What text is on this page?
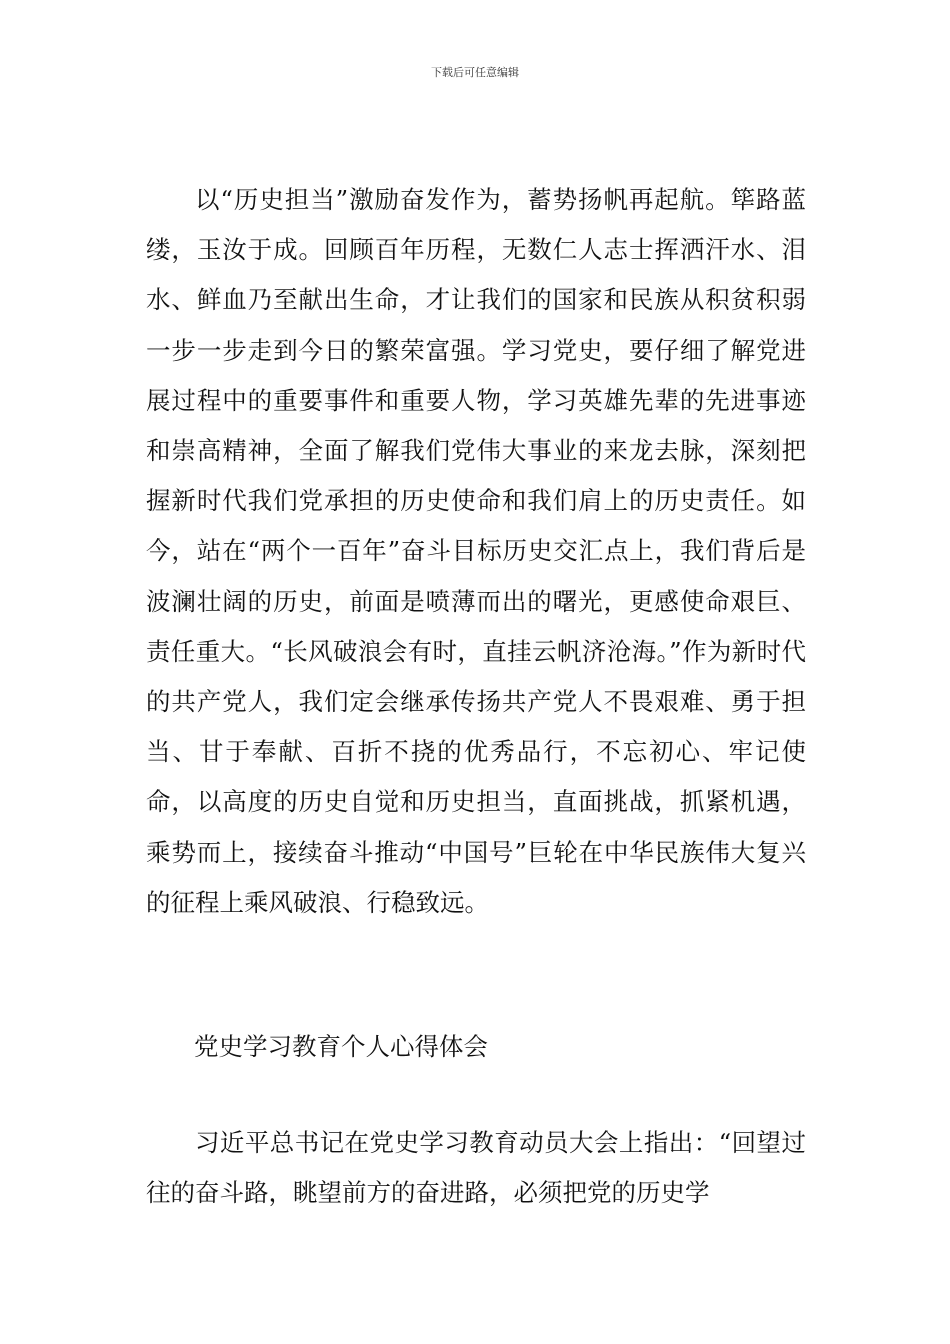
下载后可任意编辑

以“历史担当”激励奋发作为，蓄势扬帆再起航。筚路蓝缕，玉汝于成。回顾百年历程，无数仁人志士挥洒汗水、泪水、鲜血乃至献出生命，才让我们的国家和民族从积贫积弱一步一步走到今日的繁荣富强。学习党史，要仔细了解党进展过程中的重要事件和重要人物，学习英雄先辈的先进事迹和崇高精神，全面了解我们党伟大事业的来龙去脉，深刻把握新时代我们党承担的历史使命和我们肩上的历史责任。如今，站在“两个一百年”奋斗目标历史交汇点上，我们背后是波澜壮阔的历史，前面是喷薄而出的曙光，更感使命艰巨、责任重大。“长风破浪会有时，直挂云帆济沧海。”作为新时代的共产党人，我们定会继承传扬共产党人不畏艰难、勇于担当、甘于奉献、百折不挠的优秀品行，不忘初心、牢记使命，以高度的历史自觉和历史担当，直面挑战，抓紧机遇，乘势而上，接续奋斗推动“中国号”巨轮在中华民族伟大复兴的征程上乘风破浪、行稳致远。

党史学习教育个人心得体会

习近平总书记在党史学习教育动员大会上指出：“回望过往的奋斗路，眺望前方的奋进路，必须把党的历史学
